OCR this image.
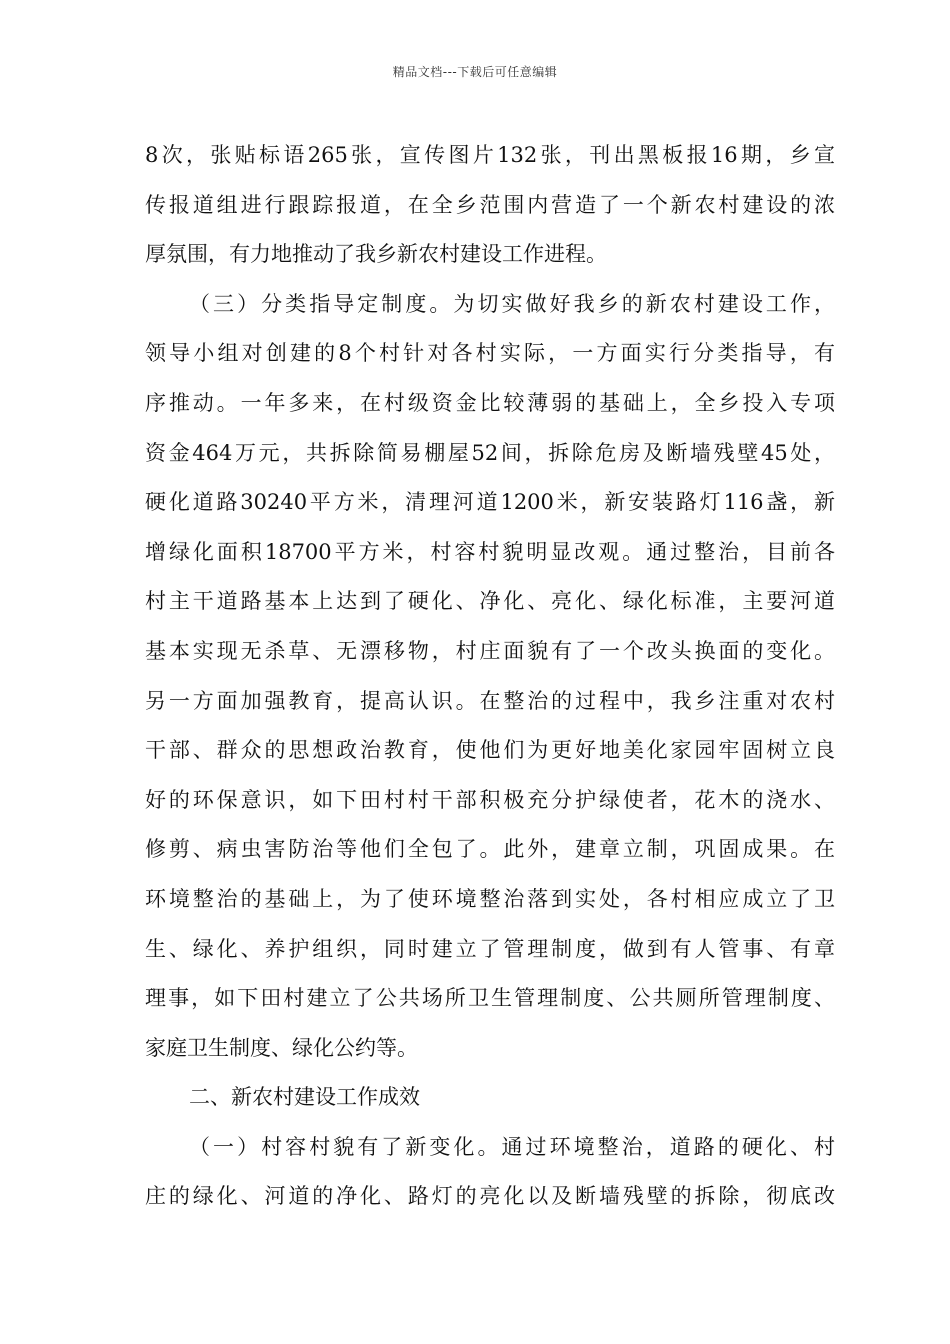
精品文档---下载后可任意编辑
8次，张贴标语265张，宣传图片132张，刊出黑板报16期，乡宣
传报道组进行跟踪报道，在全乡范围内营造了一个新农村建设的浓
厚氛围，有力地推动了我乡新农村建设工作进程。
（三）分类指导定制度。为切实做好我乡的新农村建设工作，
领导小组对创建的8个村针对各村实际，一方面实行分类指导，有
序推动。一年多来，在村级资金比较薄弱的基础上，全乡投入专项
资金464万元，共拆除简易棚屋52间，拆除危房及断墙残壁45处，
硬化道路30240平方米，清理河道1200米，新安装路灯116盏，新
增绿化面积18700平方米，村容村貌明显改观。通过整治，目前各
村主干道路基本上达到了硬化、净化、亮化、绿化标准，主要河道
基本实现无杀草、无漂移物，村庄面貌有了一个改头换面的变化。
另一方面加强教育，提高认识。在整治的过程中，我乡注重对农村
干部、群众的思想政治教育，使他们为更好地美化家园牢固树立良
好的环保意识，如下田村村干部积极充分护绿使者，花木的浇水、
修剪、病虫害防治等他们全包了。此外，建章立制，巩固成果。在
环境整治的基础上，为了使环境整治落到实处，各村相应成立了卫
生、绿化、养护组织，同时建立了管理制度，做到有人管事、有章
理事，如下田村建立了公共场所卫生管理制度、公共厕所管理制度、
家庭卫生制度、绿化公约等。
二、新农村建设工作成效
（一）村容村貌有了新变化。通过环境整治，道路的硬化、村
庄的绿化、河道的净化、路灯的亮化以及断墙残壁的拆除，彻底改
